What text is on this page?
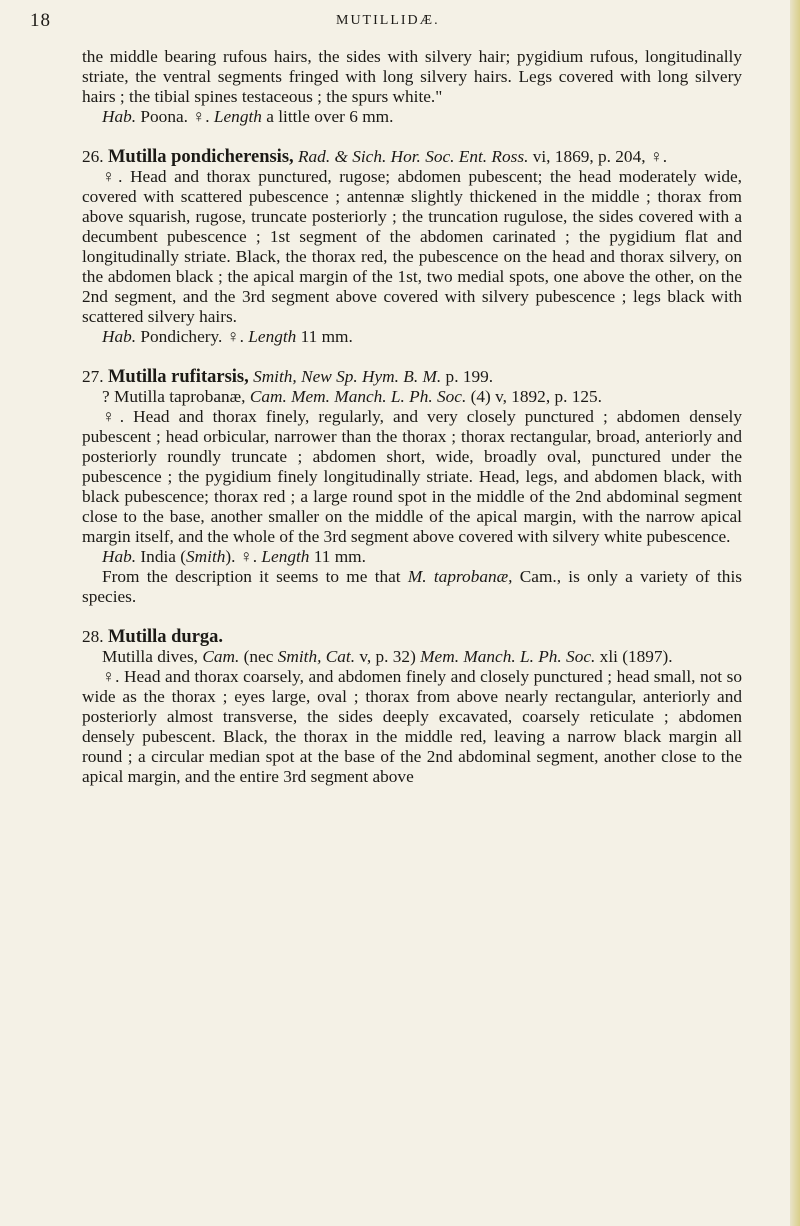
18	MUTILLIDÆ.

the middle bearing rufous hairs, the sides with silvery hair; pygidium rufous, longitudinally striate, the ventral segments fringed with long silvery hairs. Legs covered with long silvery hairs ; the tibial spines testaceous ; the spurs white."

Hab. Poona. ♀. Length a little over 6 mm.

26. Mutilla pondicherensis, Rad. & Sich. Hor. Soc. Ent. Ross. vi, 1869, p. 204, ♀.

♀. Head and thorax punctured, rugose; abdomen pubescent; the head moderately wide, covered with scattered pubescence ; antennæ slightly thickened in the middle ; thorax from above squarish, rugose, truncate posteriorly ; the truncation rugulose, the sides covered with a decumbent pubescence ; 1st segment of the abdomen carinated ; the pygidium flat and longitudinally striate. Black, the thorax red, the pubescence on the head and thorax silvery, on the abdomen black ; the apical margin of the 1st, two medial spots, one above the other, on the 2nd segment, and the 3rd segment above covered with silvery pubescence ; legs black with scattered silvery hairs.

Hab. Pondichery. ♀. Length 11 mm.

27. Mutilla rufitarsis, Smith, New Sp. Hym. B. M. p. 199.

? Mutilla taprobanæ, Cam. Mem. Manch. L. Ph. Soc. (4) v, 1892, p. 125.

♀. Head and thorax finely, regularly, and very closely punctured ; abdomen densely pubescent ; head orbicular, narrower than the thorax ; thorax rectangular, broad, anteriorly and posteriorly roundly truncate ; abdomen short, wide, broadly oval, punctured under the pubescence ; the pygidium finely longitudinally striate. Head, legs, and abdomen black, with black pubescence; thorax red ; a large round spot in the middle of the 2nd abdominal segment close to the base, another smaller on the middle of the apical margin, with the narrow apical margin itself, and the whole of the 3rd segment above covered with silvery white pubescence.

Hab. India (Smith). ♀. Length 11 mm.

From the description it seems to me that M. taprobanæ, Cam., is only a variety of this species.

28. Mutilla durga.

Mutilla dives, Cam. (nec Smith, Cat. v, p. 32) Mem. Manch. L. Ph. Soc. xli (1897).

♀. Head and thorax coarsely, and abdomen finely and closely punctured ; head small, not so wide as the thorax ; eyes large, oval ; thorax from above nearly rectangular, anteriorly and posteriorly almost transverse, the sides deeply excavated, coarsely reticulate ; abdomen densely pubescent. Black, the thorax in the middle red, leaving a narrow black margin all round ; a circular median spot at the base of the 2nd abdominal segment, another close to the apical margin, and the entire 3rd segment above
